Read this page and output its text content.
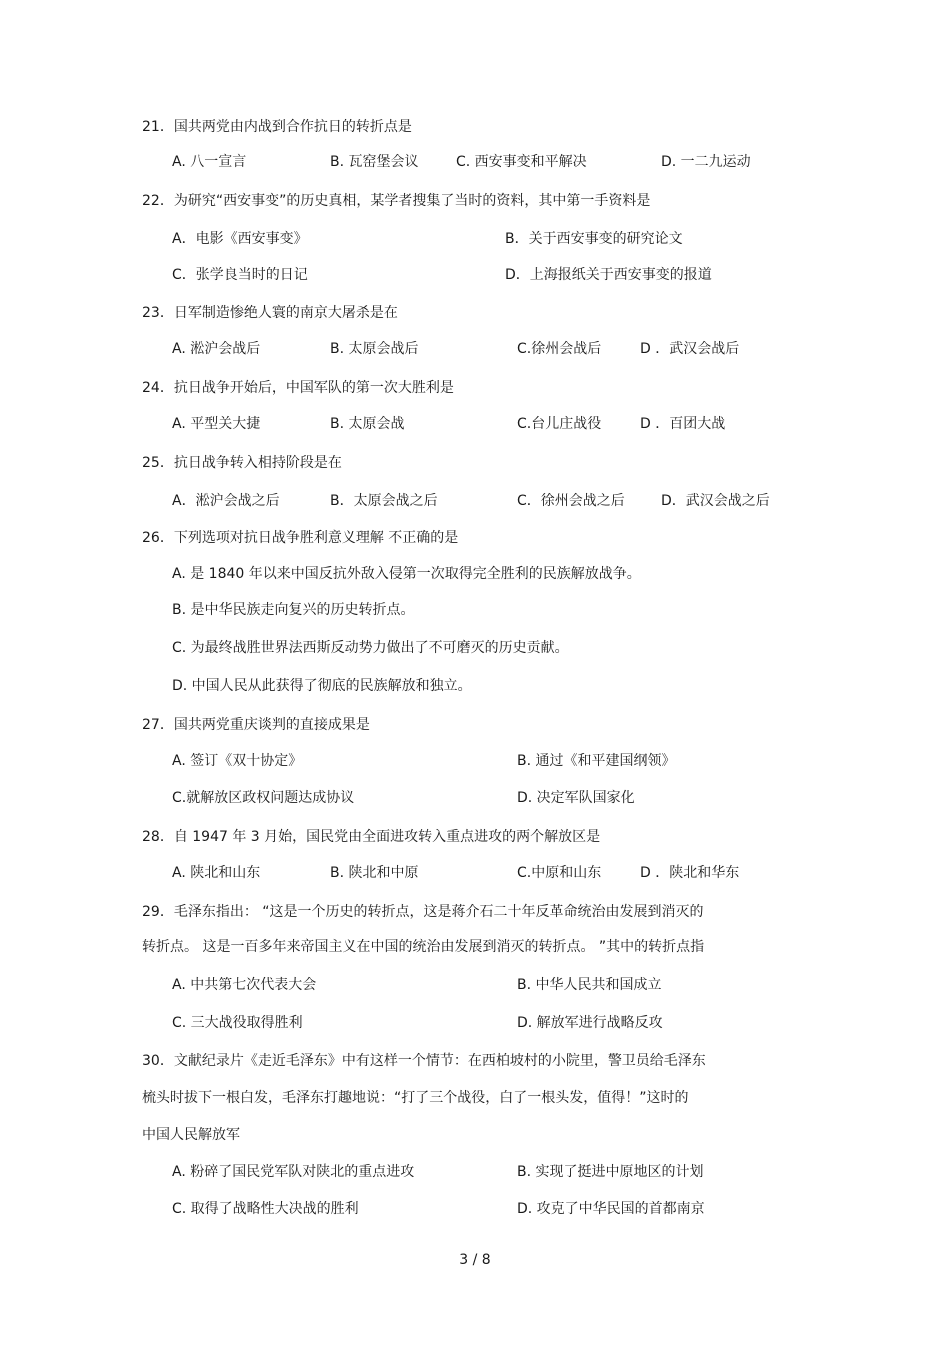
21．国共两党由内战到合作抗日的转折点是
A. 八一宣言	B. 瓦窑堡会议	C. 西安事变和平解决	D. 一二九运动
22．为研究“西安事变”的历史真相，某学者搜集了当时的资料，其中第一手资料是
A．电影《西安事变》	B．关于西安事变的研究论文
C．张学良当时的日记	D．上海报纸关于西安事变的报道
23．日军制造惨绝人寰的南京大屠杀是在
A. 淞沪会战后	B. 太原会战后	C.徐州会战后	D ．武汉会战后
24．抗日战争开始后，中国军队的第一次大胜利是
A. 平型关大捷	B. 太原会战	C.台儿庄战役	D ．百团大战
25．抗日战争转入相持阶段是在
A．淞沪会战之后	B．太原会战之后	C．徐州会战之后	D．武汉会战之后
26．下列选项对抗日战争胜利意义理解 不正确的是
A. 是 1840 年以来中国反抗外敌入侵第一次取得完全胜利的民族解放战争。
B. 是中华民族走向复兴的历史转折点。
C. 为最终战胜世界法西斯反动势力做出了不可磨灭的历史贡献。
D. 中国人民从此获得了彻底的民族解放和独立。
27．国共两党重庆谈判的直接成果是
A. 签订《双十协定》	B. 通过《和平建国纲领》
C.就解放区政权问题达成协议	D. 决定军队国家化
28．自 1947 年 3 月始，国民党由全面进攻转入重点进攻的两个解放区是
A. 陕北和山东	B. 陕北和中原	C.中原和山东	D ．陕北和华东
29．毛泽东指出： “这是一个历史的转折点，这是蒋介石二十年反革命统治由发展到消灭的
转折点。 这是一百多年来帝国主义在中国的统治由发展到消灭的转折点。 ”其中的转折点指
A. 中共第七次代表大会	B. 中华人民共和国成立
C. 三大战役取得胜利	D. 解放军进行战略反攻
30．文献纪录片《走近毛泽东》中有这样一个情节：在西柏坡村的小院里，警卫员给毛泽东
梳头时拔下一根白发，毛泽东打趣地说：“打了三个战役，白了一根头发，值得！”这时的
中国人民解放军
A. 粉碎了国民党军队对陕北的重点进攻	B. 实现了挺进中原地区的计划
C. 取得了战略性大决战的胜利	D. 攻克了中华民国的首都南京
3 / 8
